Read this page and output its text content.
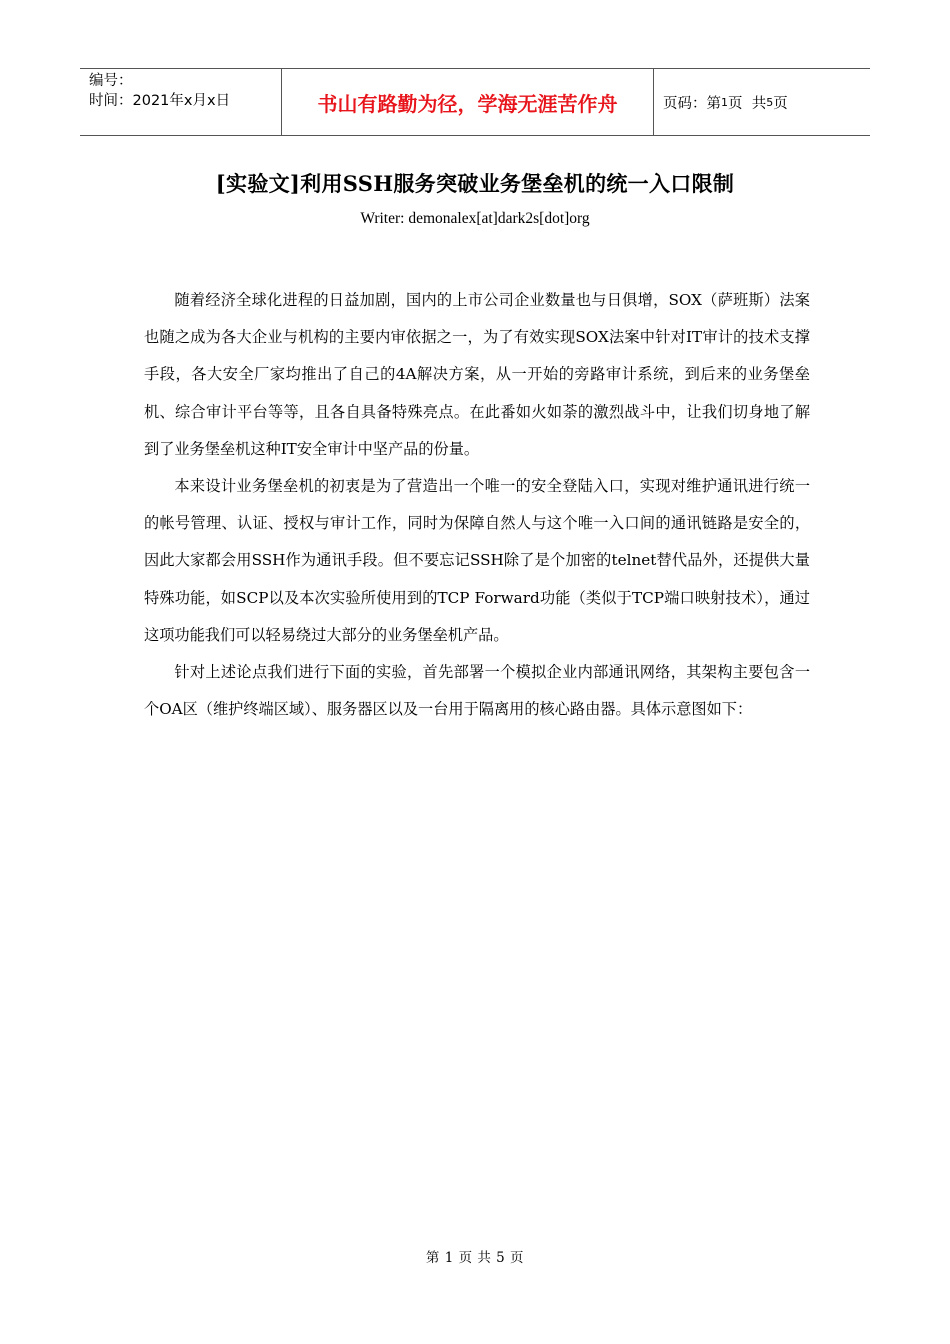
编号：
时间：2021年x月x日	书山有路勤为径，学海无涯苦作舟	页码：第 1 页  共 5 页
[实验文]利用SSH服务突破业务堡垒机的统一入口限制
Writer: demonalex[at]dark2s[dot]org

随着经济全球化进程的日益加剧，国内的上市公司企业数量也与日俱增，SOX（萨班斯）法案也随之成为各大企业与机构的主要内审依据之一，为了有效实现SOX法案中针对IT审计的技术支撑手段，各大安全厂家均推出了自己的4A解决方案，从一开始的旁路审计系统，到后来的业务堡垒机、综合审计平台等等，且各自具备特殊亮点。在此番如火如荼的激烈战斗中，让我们切身地了解到了业务堡垒机这种IT安全审计中坚产品的份量。

本来设计业务堡垒机的初衷是为了营造出一个唯一的安全登陆入口，实现对维护通讯进行统一的帐号管理、认证、授权与审计工作，同时为保障自然人与这个唯一入口间的通讯链路是安全的，因此大家都会用SSH作为通讯手段。但不要忘记SSH除了是个加密的telnet替代品外，还提供大量特殊功能，如SCP以及本次实验所使用到的TCP Forward功能（类似于TCP端口映射技术），通过这项功能我们可以轻易绕过大部分的业务堡垒机产品。

针对上述论点我们进行下面的实验，首先部署一个模拟企业内部通讯网络，其架构主要包含一个OA区（维护终端区域）、服务器区以及一台用于隔离用的核心路由器。具体示意图如下：

第 1 页 共 5 页
